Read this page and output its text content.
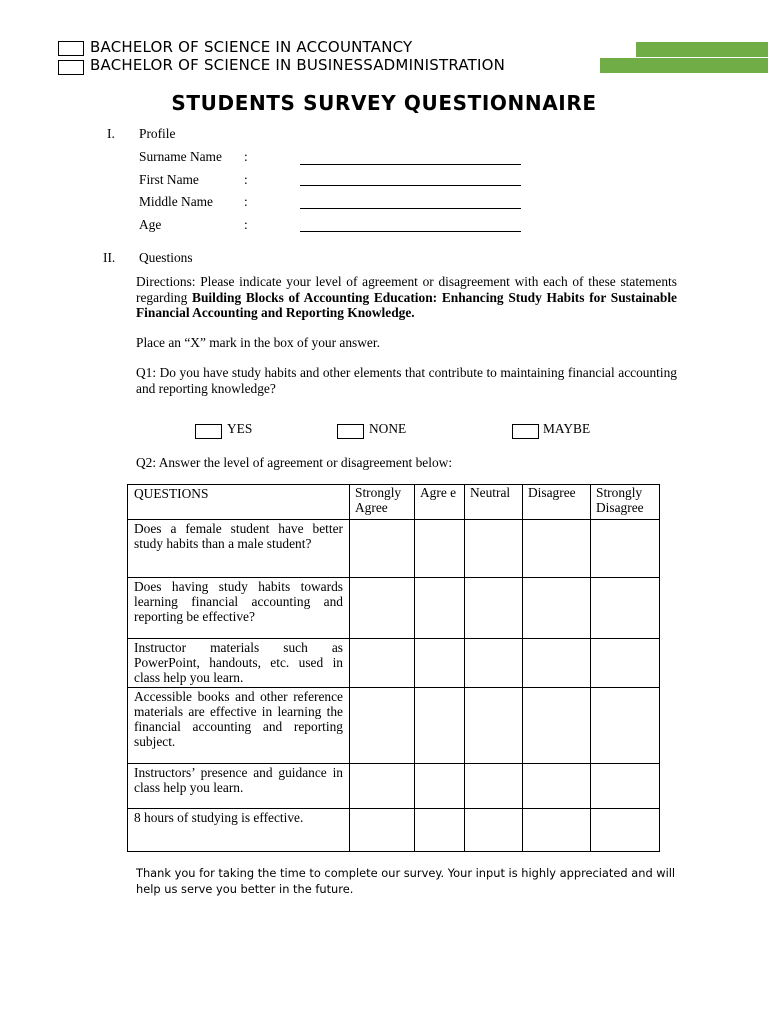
BACHELOR OF SCIENCE IN ACCOUNTANCY
BACHELOR OF SCIENCE IN BUSINESSADMINISTRATION
STUDENTS SURVEY QUESTIONNAIRE
I. Profile
Surname Name :
First Name	:
Middle Name :
Age	:
II. Questions
Directions: Please indicate your level of agreement or disagreement with each of these statements regarding Building Blocks of Accounting Education: Enhancing Study Habits for Sustainable Financial Accounting and Reporting Knowledge.
Place an “X” mark in the box of your answer.
Q1: Do you have study habits and other elements that contribute to maintaining financial accounting and reporting knowledge?
YES	NONE	MAYBE
Q2: Answer the level of agreement or disagreement below:
QUESTIONS	Strongly Agree	Agre e	Neutral	Disagree	Strongly Disagree
Does a female student have better study habits than a male student?					
Does having study habits towards learning financial accounting and reporting be effective?					
Instructor materials such as PowerPoint, handouts, etc. used in class help you learn.					
Accessible books and other reference materials are effective in learning the financial accounting and reporting subject.					
Instructors’ presence and guidance in class help you learn.					
8 hours of studying is effective.					
Thank you for taking the time to complete our survey. Your input is highly appreciated and will help us serve you better in the future.
